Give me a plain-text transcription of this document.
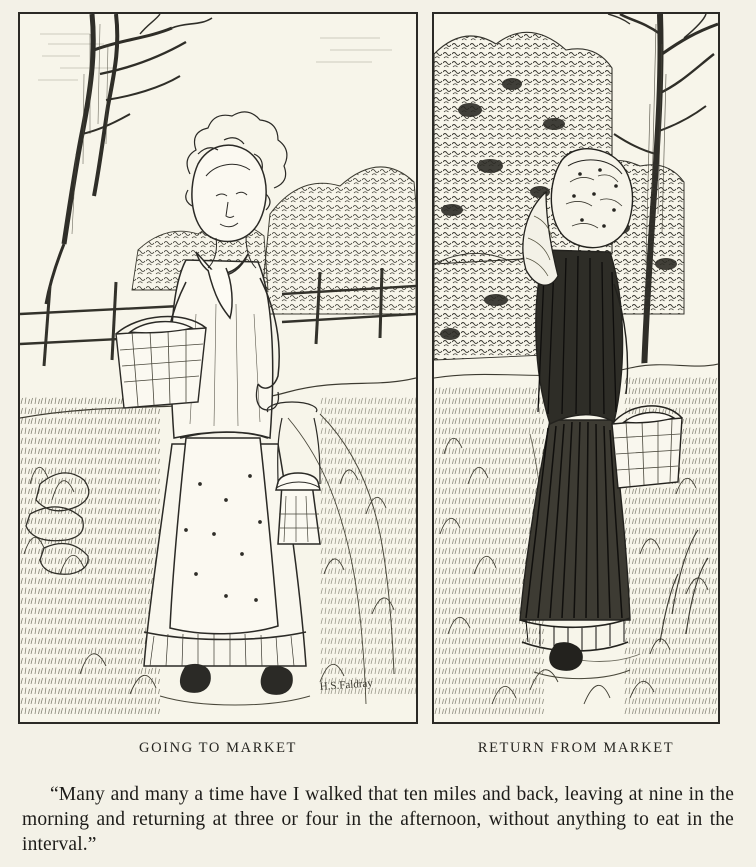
H.S.Faldray
GOING TO MARKET	RETURN FROM MARKET
“Many and many a time have I walked that ten miles and back, leaving at nine in the morning and returning at three or four in the afternoon, without anything to eat in the interval.”
